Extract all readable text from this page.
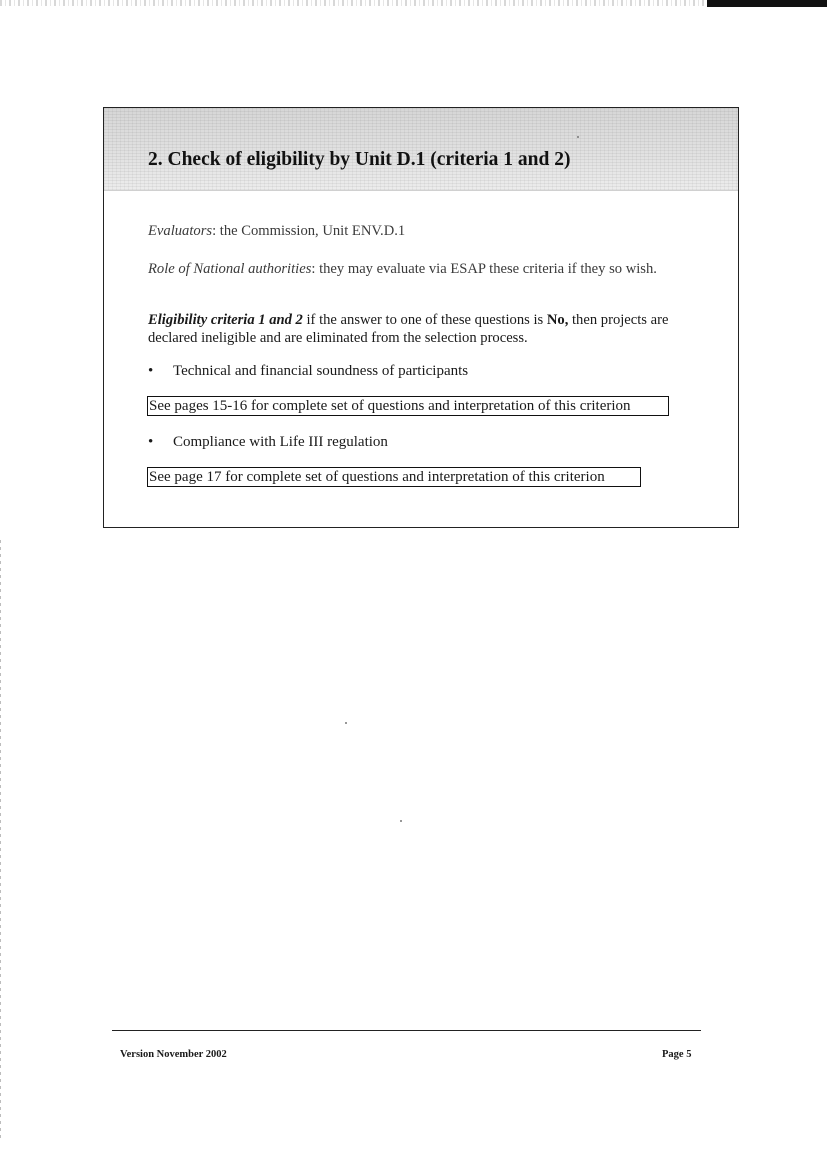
2. Check of eligibility by Unit D.1 (criteria 1 and 2)

Evaluators: the Commission, Unit ENV.D.1

Role of National authorities: they may evaluate via ESAP these criteria if they so wish.

Eligibility criteria 1 and 2 if the answer to one of these questions is No, then projects are declared ineligible and are eliminated from the selection process.

• Technical and financial soundness of participants
See pages 15-16 for complete set of questions and interpretation of this criterion
• Compliance with Life III regulation
See page 17 for complete set of questions and interpretation of this criterion
Version November 2002	Page 5
